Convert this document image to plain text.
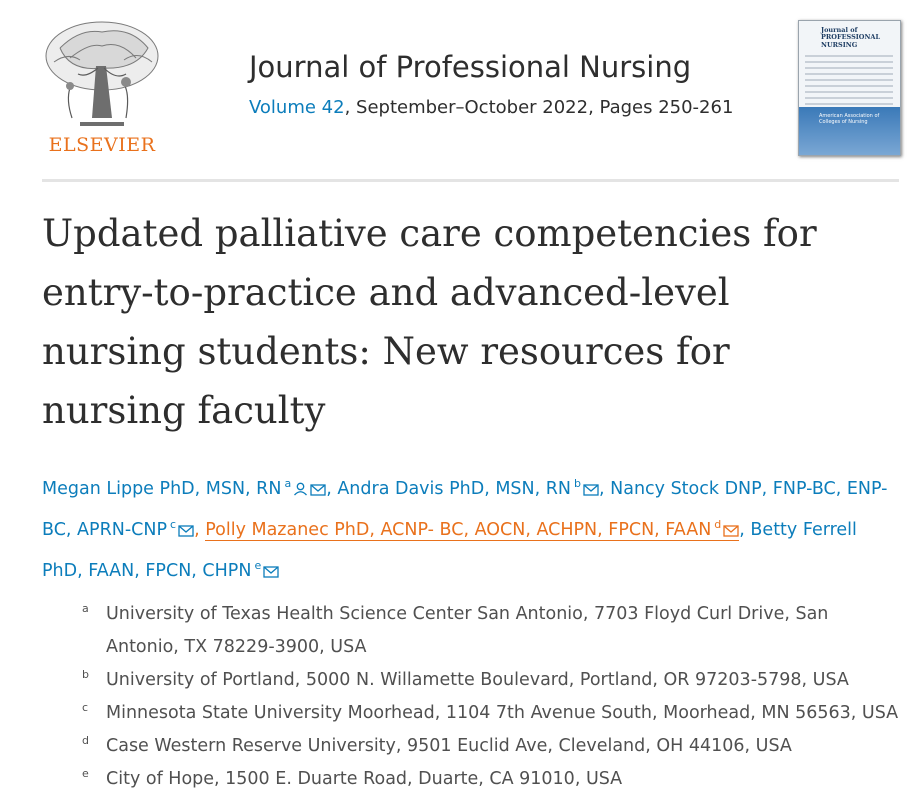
ELSEVIER
Journal of Professional Nursing
Volume 42, September–October 2022, Pages 250-261
Journal of PROFESSIONAL NURSING
American Association of Colleges of Nursing
Updated palliative care competencies for entry-to-practice and advanced-level nursing students: New resources for nursing faculty
Megan Lippe PhD, MSN, RN $^a$ , Andra Davis PhD, MSN, RN $^b$ , Nancy Stock DNP, FNP-BC, ENP-BC, APRN-CNP $^c$ , Polly Mazanec PhD, ACNP- BC, AOCN, ACHPN, FPCN, FAAN $^d$ , Betty Ferrell PhD, FAAN, FPCN, CHPN $^e$
a University of Texas Health Science Center San Antonio, 7703 Floyd Curl Drive, San Antonio, TX 78229-3900, USA
b University of Portland, 5000 N. Willamette Boulevard, Portland, OR 97203-5798, USA
c Minnesota State University Moorhead, 1104 7th Avenue South, Moorhead, MN 56563, USA
d Case Western Reserve University, 9501 Euclid Ave, Cleveland, OH 44106, USA
e City of Hope, 1500 E. Duarte Road, Duarte, CA 91010, USA
